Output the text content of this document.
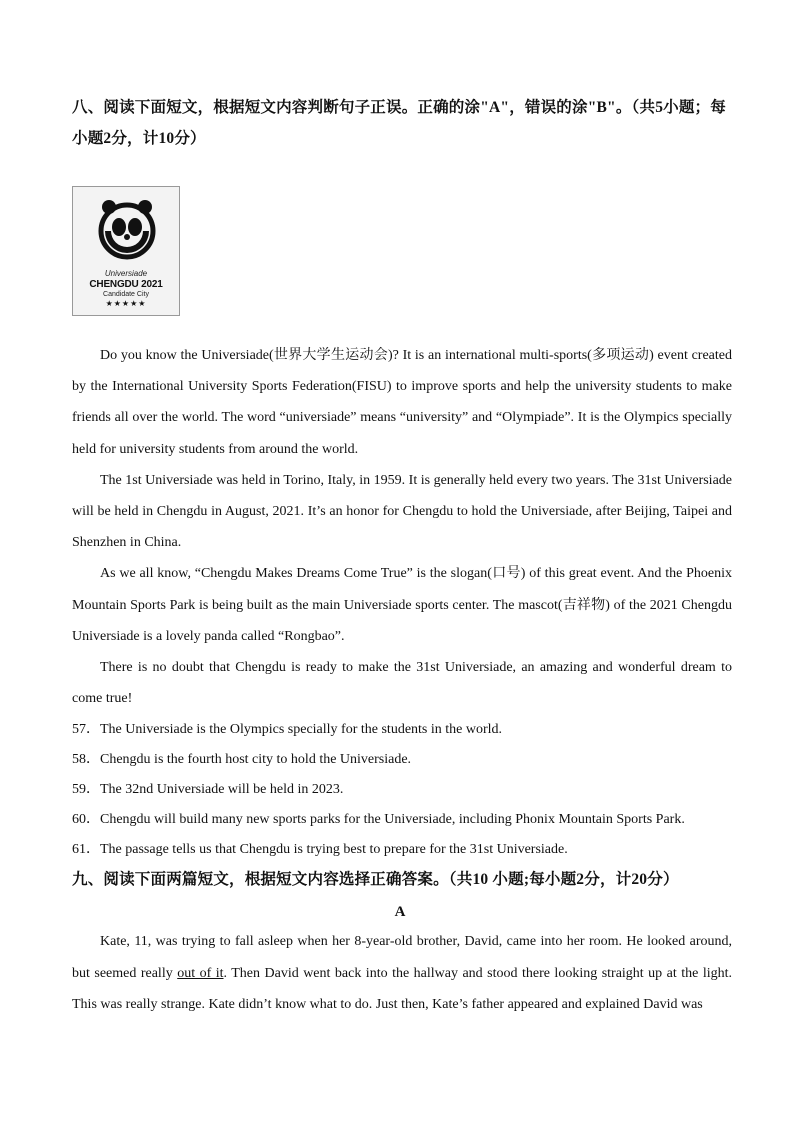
八、阅读下面短文，根据短文内容判断句子正误。正确的涂"A"，错误的涂"B"。（共5小题；每小题2分，计10分）
Universiade
CHENGDU 2021
Candidate City
★★★★★

Do you know the Universiade(世界大学生运动会)? It is an international multi-sports(多项运动) event created by the International University Sports Federation(FISU) to improve sports and help the university students to make friends all over the world. The word “universiade” means “university” and “Olympiade”. It is the Olympics specially held for university students from around the world.

The 1st Universiade was held in Torino, Italy, in 1959. It is generally held every two years. The 31st Universiade will be held in Chengdu in August, 2021. It’s an honor for Chengdu to hold the Universiade, after Beijing, Taipei and Shenzhen in China.

As we all know, “Chengdu Makes Dreams Come True” is the slogan(口号) of this great event. And the Phoenix Mountain Sports Park is being built as the main Universiade sports center. The mascot(吉祥物) of the 2021 Chengdu Universiade is a lovely panda called “Rongbao”.

There is no doubt that Chengdu is ready to make the 31st Universiade, an amazing and wonderful dream to come true!

57．The Universiade is the Olympics specially for the students in the world.
58．Chengdu is the fourth host city to hold the Universiade.
59．The 32nd Universiade will be held in 2023.
60．Chengdu will build many new sports parks for the Universiade, including Phonix Mountain Sports Park.
61．The passage tells us that Chengdu is trying best to prepare for the 31st Universiade.
九、阅读下面两篇短文，根据短文内容选择正确答案。（共10 小题;每小题2分，计20分）
A

Kate, 11, was trying to fall asleep when her 8-year-old brother, David, came into her room. He looked around, but seemed really out of it. Then David went back into the hallway and stood there looking straight up at the light. This was really strange. Kate didn’t know what to do. Just then, Kate’s father appeared and explained David was
